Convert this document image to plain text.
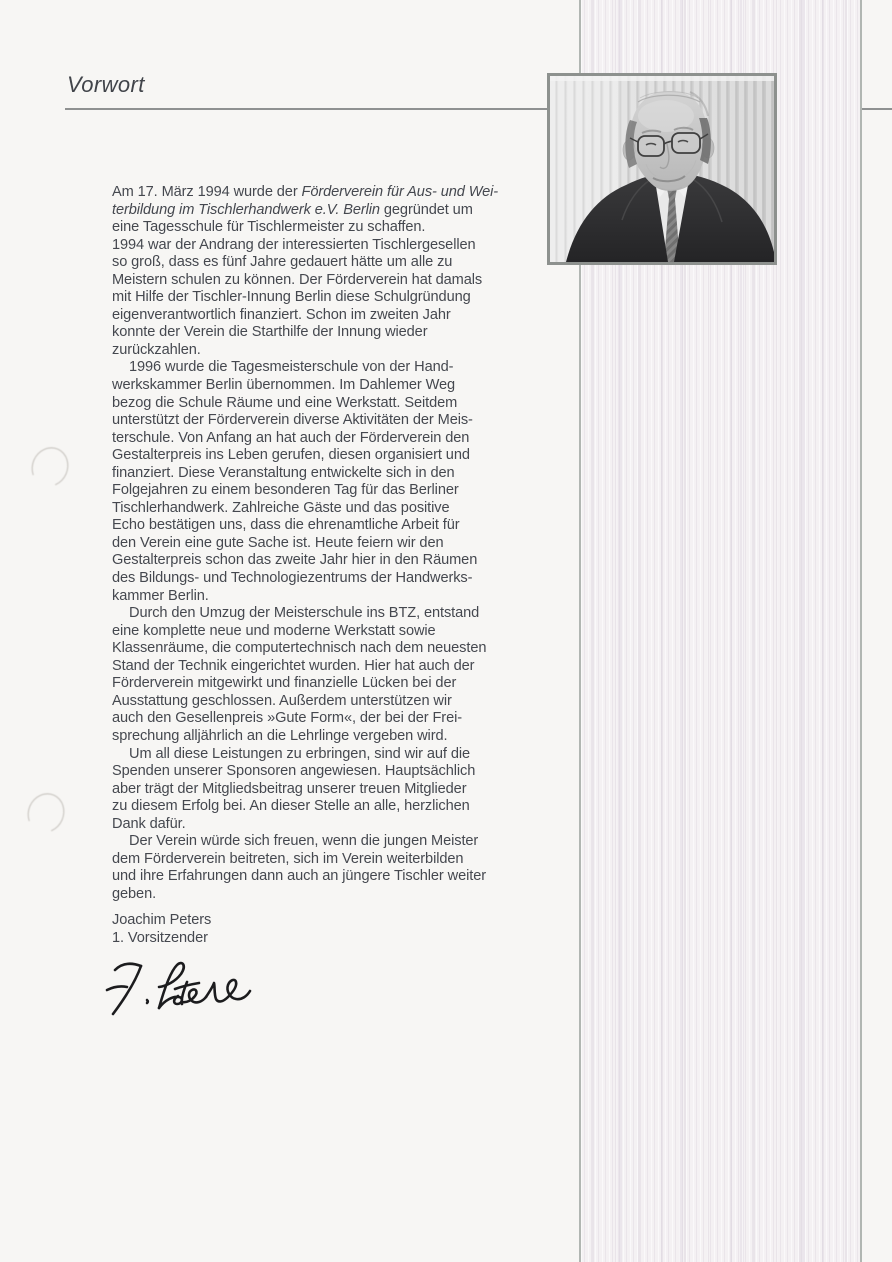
Vorwort
Am 17. März 1994 wurde der Förderverein für Aus- und Wei-
terbildung im Tischlerhandwerk e.V. Berlin gegründet um
eine Tagesschule für Tischlermeister zu schaffen.
1994 war der Andrang der interessierten Tischlergesellen
so groß, dass es fünf Jahre gedauert hätte um alle zu
Meistern schulen zu können. Der Förderverein hat damals
mit Hilfe der Tischler-Innung Berlin diese Schulgründung
eigenverantwortlich finanziert. Schon im zweiten Jahr
konnte der Verein die Starthilfe der Innung wieder
zurückzahlen.
1996 wurde die Tagesmeisterschule von der Hand-
werkskammer Berlin übernommen. Im Dahlemer Weg
bezog die Schule Räume und eine Werkstatt. Seitdem
unterstützt der Förderverein diverse Aktivitäten der Meis-
terschule. Von Anfang an hat auch der Förderverein den
Gestalterpreis ins Leben gerufen, diesen organisiert und
finanziert. Diese Veranstaltung entwickelte sich in den
Folgejahren zu einem besonderen Tag für das Berliner
Tischlerhandwerk. Zahlreiche Gäste und das positive
Echo bestätigen uns, dass die ehrenamtliche Arbeit für
den Verein eine gute Sache ist. Heute feiern wir den
Gestalterpreis schon das zweite Jahr hier in den Räumen
des Bildungs- und Technologiezentrums der Handwerks-
kammer Berlin.
Durch den Umzug der Meisterschule ins BTZ, entstand
eine komplette neue und moderne Werkstatt sowie
Klassenräume, die computertechnisch nach dem neuesten
Stand der Technik eingerichtet wurden. Hier hat auch der
Förderverein mitgewirkt und finanzielle Lücken bei der
Ausstattung geschlossen. Außerdem unterstützen wir
auch den Gesellenpreis »Gute Form«, der bei der Frei-
sprechung alljährlich an die Lehrlinge vergeben wird.
Um all diese Leistungen zu erbringen, sind wir auf die
Spenden unserer Sponsoren angewiesen. Hauptsächlich
aber trägt der Mitgliedsbeitrag unserer treuen Mitglieder
zu diesem Erfolg bei. An dieser Stelle an alle, herzlichen
Dank dafür.
Der Verein würde sich freuen, wenn die jungen Meister
dem Förderverein beitreten, sich im Verein weiterbilden
und ihre Erfahrungen dann auch an jüngere Tischler weiter
geben.
Joachim Peters
1. Vorsitzender
